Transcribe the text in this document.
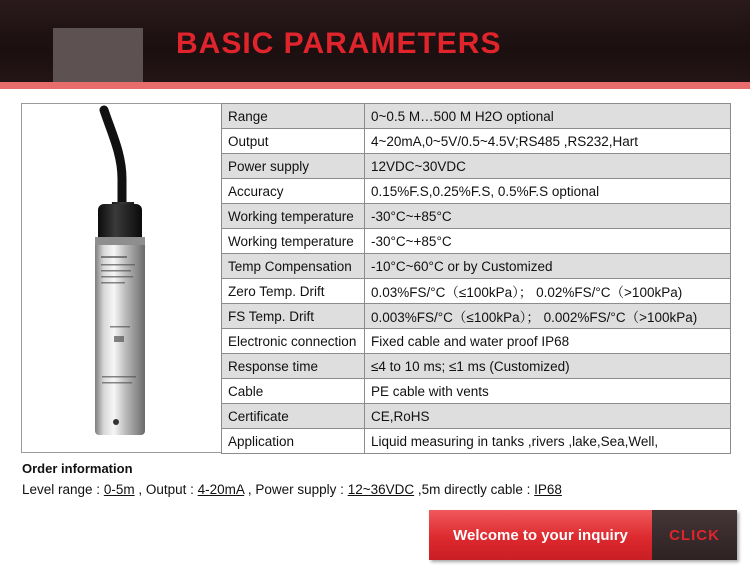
BASIC PARAMETERS
Range	0~0.5 M…500 M H2O optional
Output	4~20mA,0~5V/0.5~4.5V;RS485 ,RS232,Hart
Power supply	12VDC~30VDC
Accuracy	0.15%F.S,0.25%F.S, 0.5%F.S optional
Working temperature	-30°C~+85°C
Working temperature	-30°C~+85°C
Temp Compensation	-10°C~60°C or by Customized
Zero Temp. Drift	0.03%FS/°C（≤100kPa）； 0.02%FS/°C（>100kPa)
FS Temp. Drift	0.003%FS/°C（≤100kPa）； 0.002%FS/°C（>100kPa)
Electronic connection	Fixed cable and water proof IP68
Response time	≤4 to 10 ms; ≤1 ms (Customized)
Cable	PE cable with vents
Certificate	CE,RoHS
Application	Liquid measuring in tanks ,rivers ,lake,Sea,Well,
Order information
Level range : 0-5m , Output : 4-20mA , Power supply : 12~36VDC ,5m directly cable : IP68
Welcome to your inquiry	CLICK
